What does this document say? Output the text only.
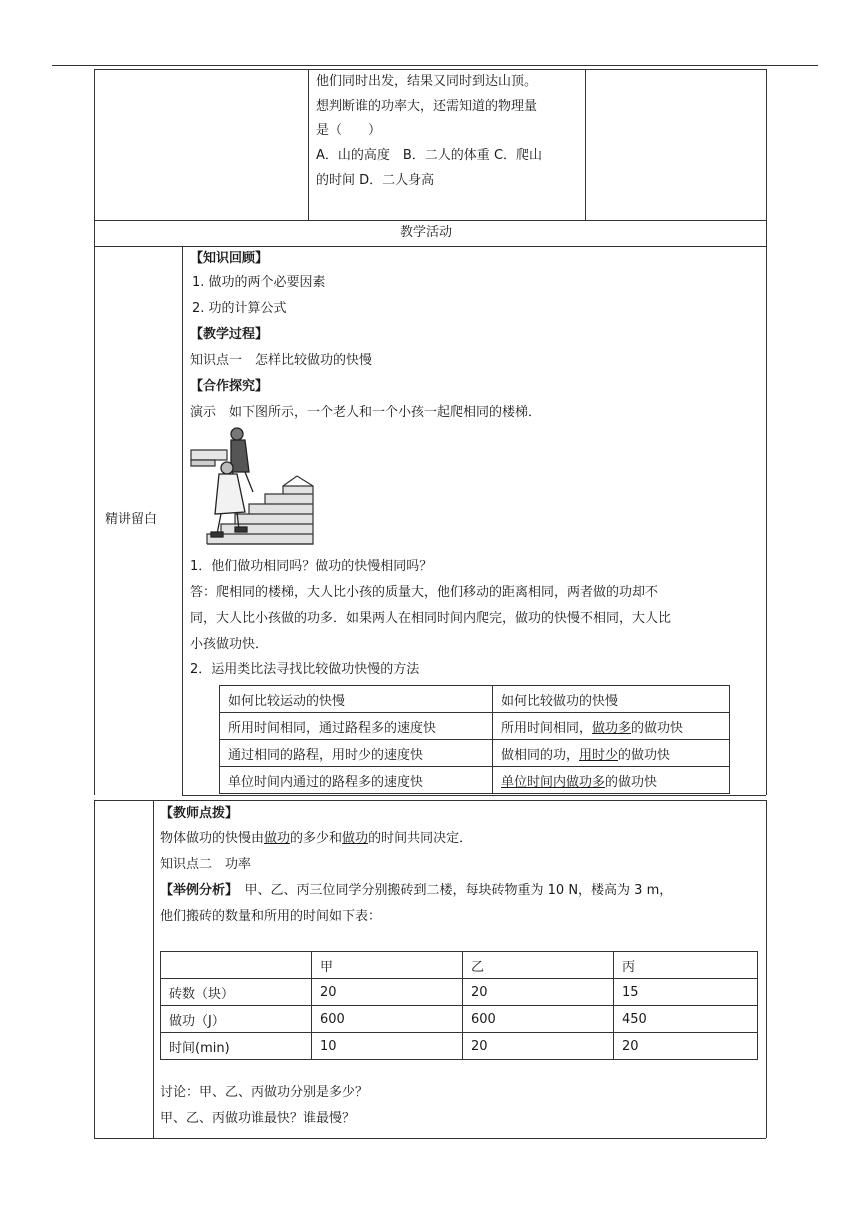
他们同时出发，结果又同时到达山顶。
想判断谁的功率大，还需知道的物理量
是（　　）
A．山的高度　B．二人的体重 C．爬山
的时间 D．二人身高
教学活动
精讲留白
【知识回顾】
1. 做功的两个必要因素
2. 功的计算公式
【教学过程】
知识点一　怎样比较做功的快慢
【合作探究】
演示　如下图所示，一个老人和一个小孩一起爬相同的楼梯．
1．他们做功相同吗？做功的快慢相同吗？
答：爬相同的楼梯，大人比小孩的质量大，他们移动的距离相同，两者做的功却不
同，大人比小孩做的功多．如果两人在相同时间内爬完，做功的快慢不相同，大人比
小孩做功快．
2．运用类比法寻找比较做功快慢的方法
如何比较运动的快慢	如何比较做功的快慢
所用时间相同，通过路程多的速度快	所用时间相同，做功多的做功快
通过相同的路程，用时少的速度快	做相同的功，用时少的做功快
单位时间内通过的路程多的速度快	单位时间内做功多的做功快
【教师点拨】
物体做功的快慢由做功的多少和做功的时间共同决定．
知识点二　功率
【举例分析】　甲、乙、丙三位同学分别搬砖到二楼，每块砖物重为 10 N，楼高为 3 m，
他们搬砖的数量和所用的时间如下表：
	甲	乙	丙
砖数（块）	20	20	15
做功（J）	600	600	450
时间(min)	10	20	20
讨论：甲、乙、丙做功分别是多少？
甲、乙、丙做功谁最快？谁最慢？
